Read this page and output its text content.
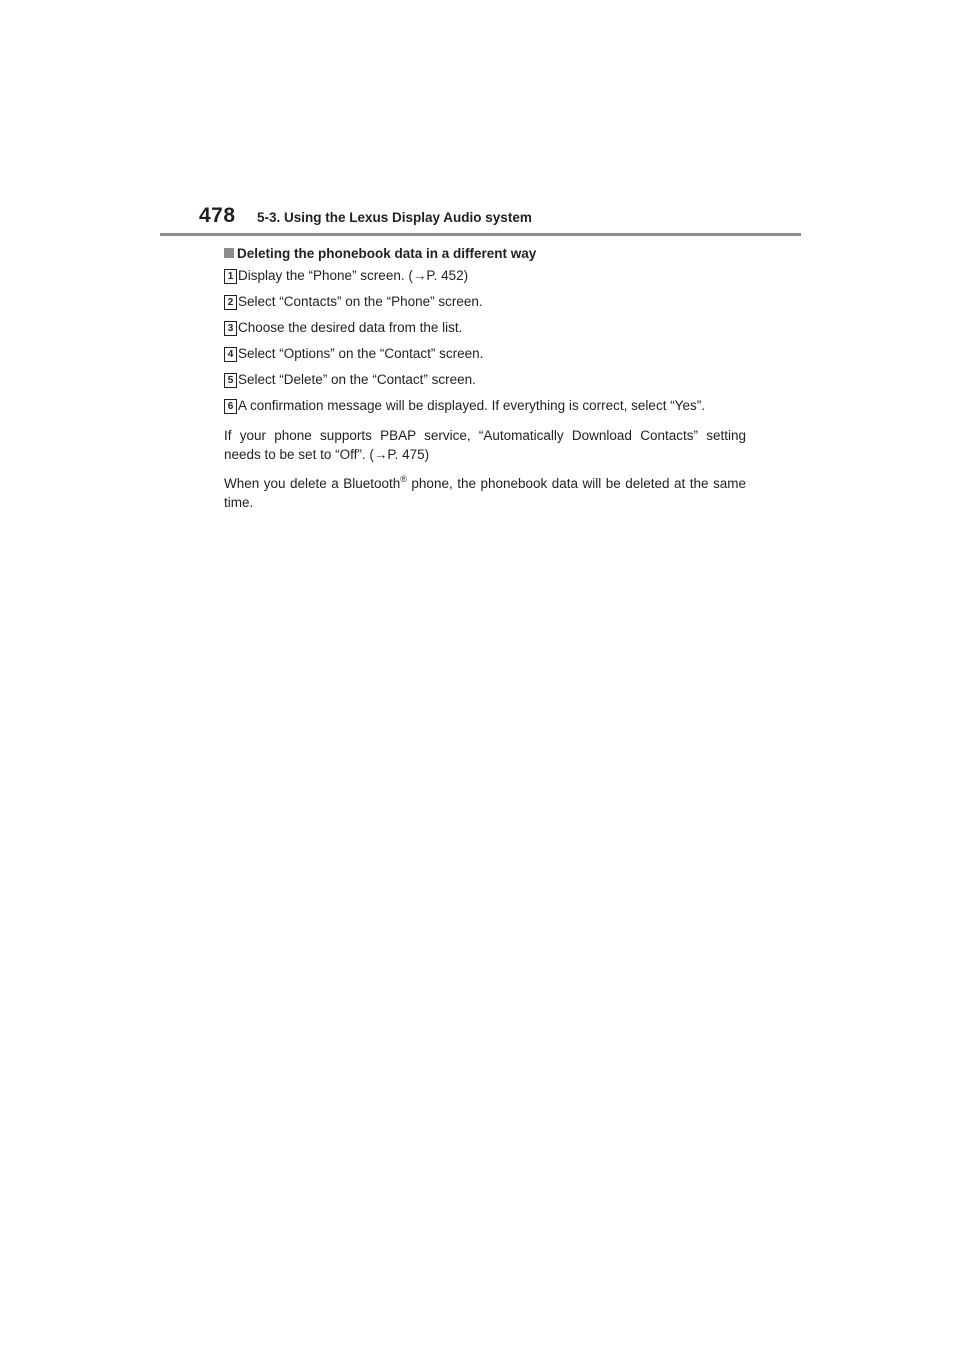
478 5-3. Using the Lexus Display Audio system
Deleting the phonebook data in a different way
1 Display the “Phone” screen. (→P. 452)
2 Select “Contacts” on the “Phone” screen.
3 Choose the desired data from the list.
4 Select “Options” on the “Contact” screen.
5 Select “Delete” on the “Contact” screen.
6 A confirmation message will be displayed. If everything is correct, select “Yes”.

If your phone supports PBAP service, “Automatically Download Contacts” setting needs to be set to “Off”. (→P. 475)

When you delete a Bluetooth® phone, the phonebook data will be deleted at the same time.
